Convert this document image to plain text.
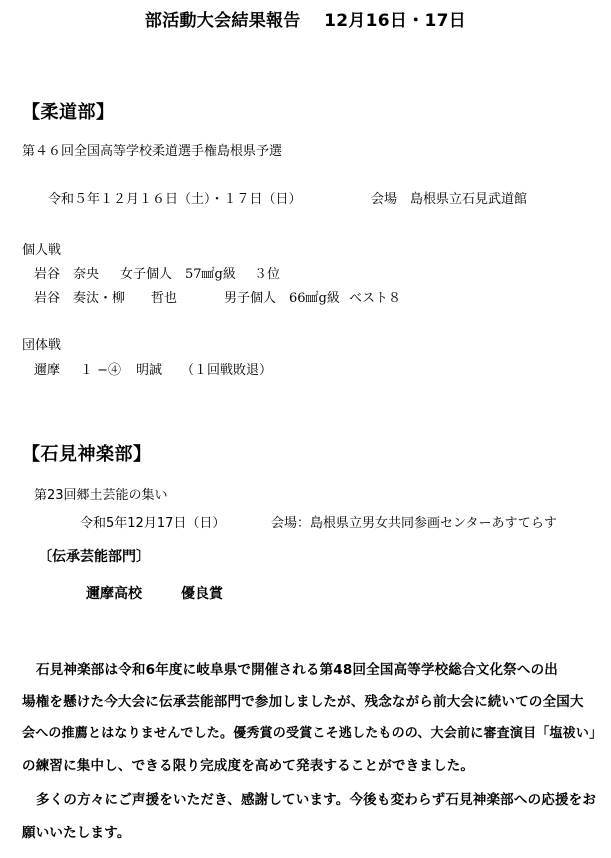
部活動大会結果報告　 12月16日・17日
【柔道部】
第４６回全国高等学校柔道選手権島根県予選
令和５年１２月１６日（土）・１７日（日）	会場　島根県立石見武道館
個人戦
岩谷　奈央 女子個人　57㎟g級 ３位
岩谷　奏汰・柳　　哲也	男子個人　66㎟g級 ベスト８
団体戦
邇摩 １ −④ 明誠 （１回戦敗退）
【石見神楽部】
第23回郷土芸能の集い
令和5年12月17日（日）	会場：島根県立男女共同参画センターあすてらす
〔伝承芸能部門〕
邇摩高校	優良賞
石見神楽部は令和6年度に岐阜県で開催される第48回全国高等学校総合文化祭への出
場権を懸けた今大会に伝承芸能部門で参加しましたが、残念ながら前大会に続いての全国大
会への推薦とはなりませんでした。優秀賞の受賞こそ逃したものの、大会前に審査演目「塩祓い」
の練習に集中し、できる限り完成度を高めて発表することができました。
多くの方々にご声援をいただき、感謝しています。今後も変わらず石見神楽部への応援をお
願いいたします。
